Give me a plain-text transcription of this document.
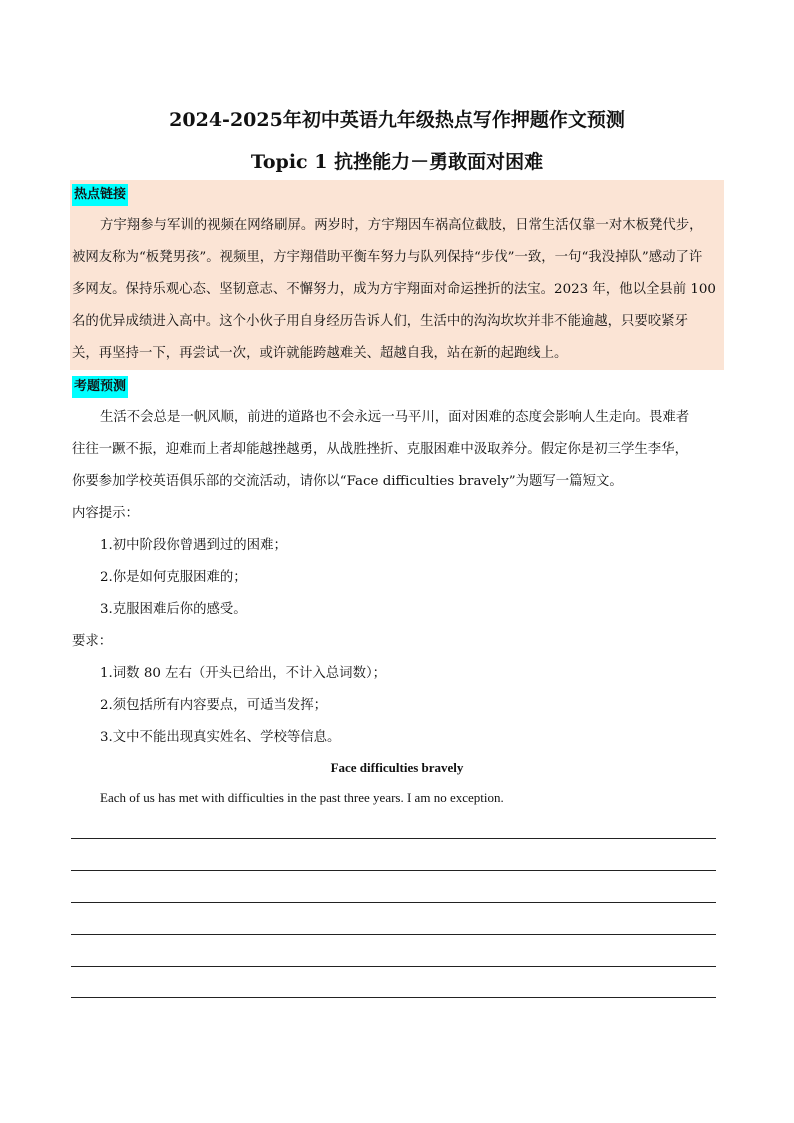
2024-2025年初中英语九年级热点写作押题作文预测
Topic 1 抗挫能力－勇敢面对困难
热点链接
方宇翔参与军训的视频在网络刷屏。两岁时，方宇翔因车祸高位截肢，日常生活仅靠一对木板凳代步，
被网友称为“板凳男孩”。视频里，方宇翔借助平衡车努力与队列保持“步伐”一致，一句“我没掉队”感动了许
多网友。保持乐观心态、坚韧意志、不懈努力，成为方宇翔面对命运挫折的法宝。2023 年，他以全县前 100
名的优异成绩进入高中。这个小伙子用自身经历告诉人们，生活中的沟沟坎坎并非不能逾越，只要咬紧牙
关，再坚持一下，再尝试一次，或许就能跨越难关、超越自我，站在新的起跑线上。
考题预测
生活不会总是一帆风顺，前进的道路也不会永远一马平川，面对困难的态度会影响人生走向。畏难者
往往一蹶不振，迎难而上者却能越挫越勇，从战胜挫折、克服困难中汲取养分。假定你是初三学生李华，
你要参加学校英语俱乐部的交流活动，请你以“Face difficulties bravely”为题写一篇短文。
内容提示：
1.初中阶段你曾遇到过的困难；
2.你是如何克服困难的；
3.克服困难后你的感受。
要求：
1.词数 80 左右（开头已给出，不计入总词数）；
2.须包括所有内容要点，可适当发挥；
3.文中不能出现真实姓名、学校等信息。
Face difficulties bravely
Each of us has met with difficulties in the past three years. I am no exception.
